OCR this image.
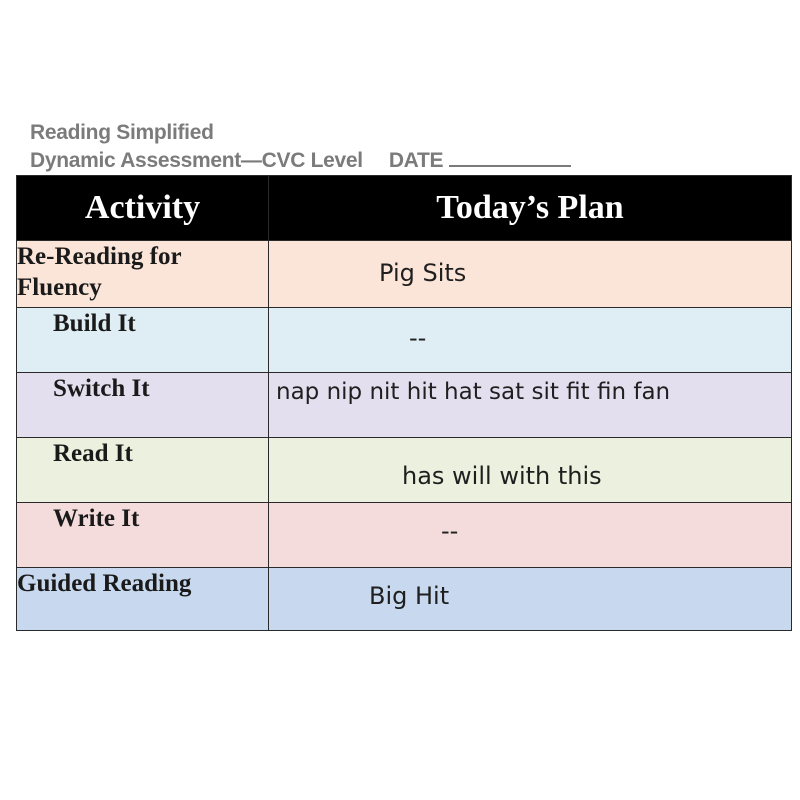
Reading Simplified
Dynamic Assessment—CVC Level DATE
Activity	Today’s Plan
Re-Reading for Fluency	Pig Sits

Build It	--

Switch It	nap nip nit hit hat sat sit fit fin fan

Read It	has will with this

Write It	--

Guided Reading	Big Hit
